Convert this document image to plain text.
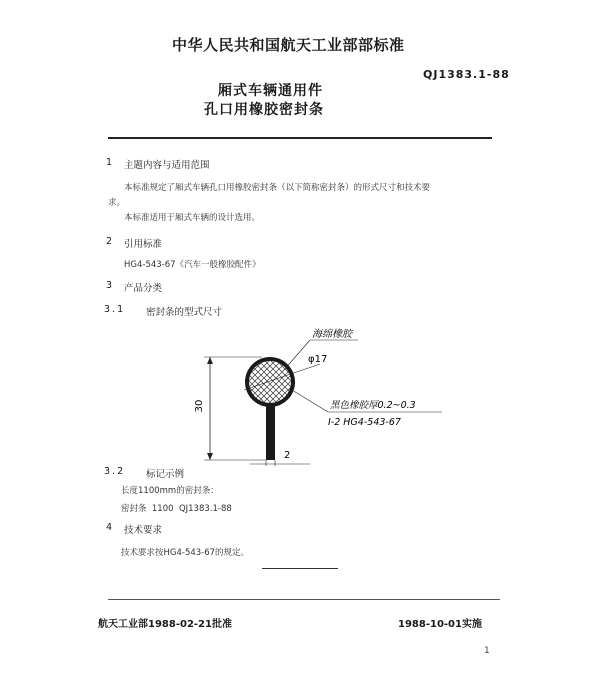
中华人民共和国航天工业部部标准
QJ1383.1-88
厢式车辆通用件
孔口用橡胶密封条
1 主题内容与适用范围
本标准规定了厢式车辆孔口用橡胶密封条（以下简称密封条）的形式尺寸和技术要
求。
本标准适用于厢式车辆的设计选用。
2 引用标准
HG4-543-67《汽车一般橡胶配件》
3 产品分类
3.1 密封条的型式尺寸
30
2
φ17
海绵橡胶
黑色橡胶厚0.2~0.3
I-2 HG4-543-67
3.2 标记示例
长度1100mm的密封条：
密封条  1100  QJ1383.1-88
4 技术要求
技术要求按HG4-543-67的规定。
航天工业部1988-02-21批准	1988-10-01实施
1
